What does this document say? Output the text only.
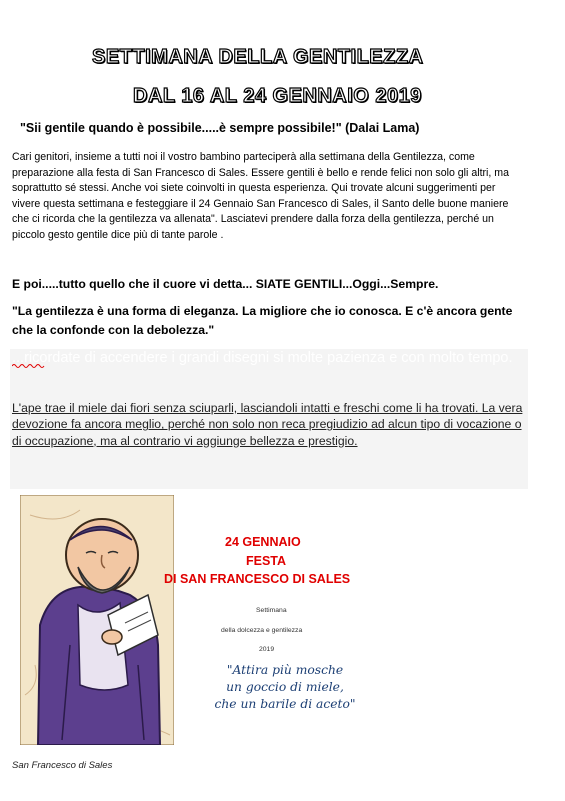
SETTIMANA DELLA GENTILEZZA
DAL 16 AL 24 GENNAIO 2019
"Sii gentile quando è possibile.....è sempre possibile!" (Dalai Lama)
Cari genitori, insieme a tutti noi il vostro bambino parteciperà alla settimana della Gentilezza, come preparazione alla festa di San Francesco di Sales. Essere gentili è bello e rende felici non solo gli altri, ma soprattutto sé stessi. Anche voi siete coinvolti in questa esperienza. Qui trovate alcuni suggerimenti per vivere questa settimana e festeggiare il 24 Gennaio San Francesco di Sales, il Santo delle buone maniere che ci ricorda che la gentilezza va allenata". Lasciatevi prendere dalla forza della gentilezza, perché un piccolo gesto gentile dice più di tante parole .
E poi.....tutto quello che il cuore vi detta... SIATE GENTILI...Oggi...Sempre.
"La gentilezza è una forma di eleganza. La migliore che io conosca. E c'è ancora gente che la confonde con la debolezza."
...ricordate di accendere i grandi disegni si molte pazienza e con molto tempo.
L'ape trae il miele dai fiori senza sciuparli, lasciandoli intatti e freschi come li ha trovati. La vera devozione fa ancora meglio, perché non solo non reca pregiudizio ad alcun tipo di vocazione o di occupazione, ma al contrario vi aggiunge bellezza e prestigio.
24 GENNAIO
FESTA
DI SAN FRANCESCO DI SALES
Settimana
della dolcezza e gentilezza
2019
"Attira più mosche
un goccio di miele,
che un barile di aceto"
San Francesco di Sales
